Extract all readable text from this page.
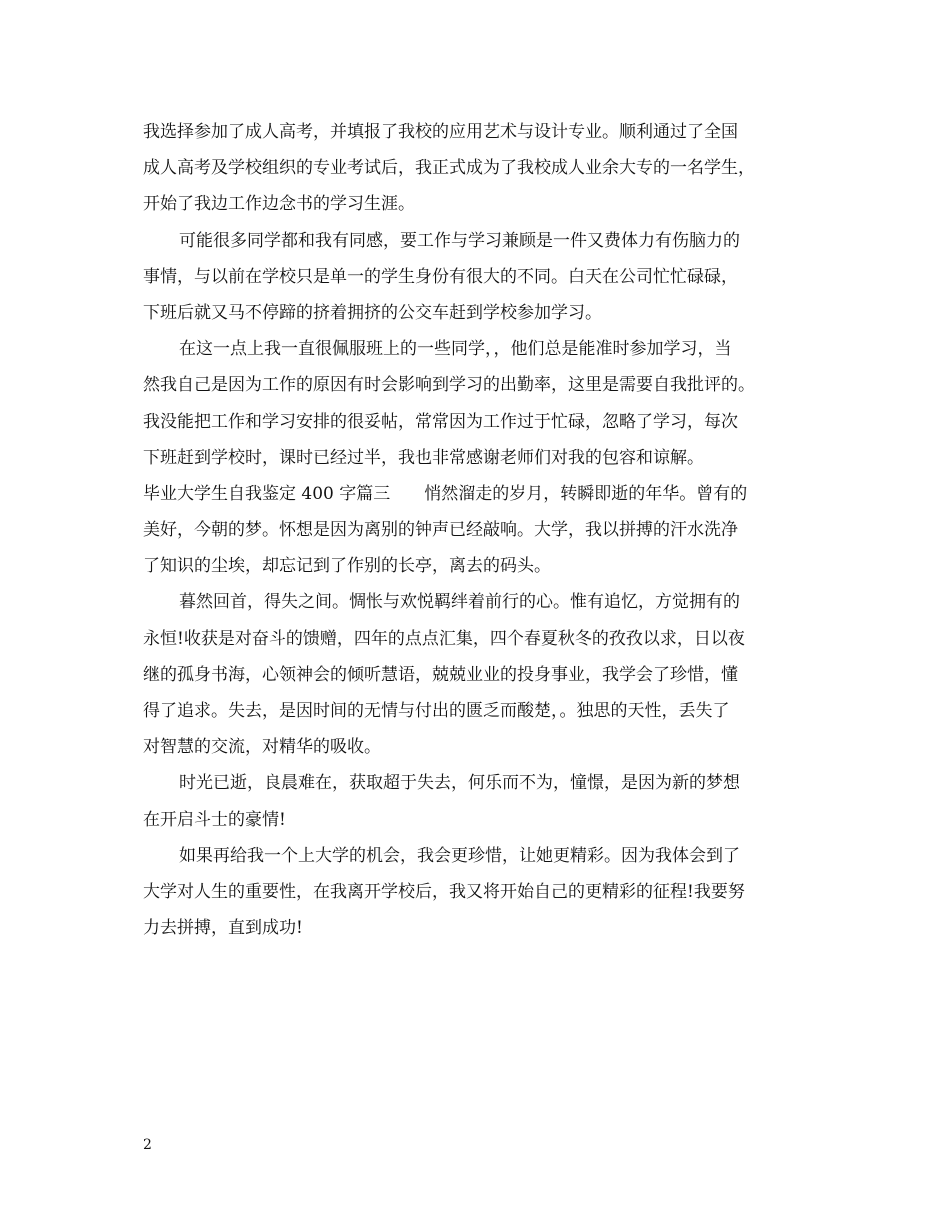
我选择参加了成人高考，并填报了我校的应用艺术与设计专业。顺利通过了全国
成人高考及学校组织的专业考试后，我正式成为了我校成人业余大专的一名学生，
开始了我边工作边念书的学习生涯。
可能很多同学都和我有同感，要工作与学习兼顾是一件又费体力有伤脑力的
事情，与以前在学校只是单一的学生身份有很大的不同。白天在公司忙忙碌碌，
下班后就又马不停蹄的挤着拥挤的公交车赶到学校参加学习。
在这一点上我一直很佩服班上的一些同学，，他们总是能准时参加学习，当
然我自己是因为工作的原因有时会影响到学习的出勤率，这里是需要自我批评的。
我没能把工作和学习安排的很妥帖，常常因为工作过于忙碌，忽略了学习，每次
下班赶到学校时，课时已经过半，我也非常感谢老师们对我的包容和谅解。
毕业大学生自我鉴定 400 字篇三　　悄然溜走的岁月，转瞬即逝的年华。曾有的
美好，今朝的梦。怀想是因为离别的钟声已经敲响。大学，我以拼搏的汗水洗净
了知识的尘埃，却忘记到了作别的长亭，离去的码头。
暮然回首，得失之间。惆怅与欢悦羁绊着前行的心。惟有追忆，方觉拥有的
永恒!收获是对奋斗的馈赠，四年的点点汇集，四个春夏秋冬的孜孜以求，日以夜
继的孤身书海，心领神会的倾听慧语，兢兢业业的投身事业，我学会了珍惜，懂
得了追求。失去，是因时间的无情与付出的匮乏而酸楚，。独思的天性，丢失了
对智慧的交流，对精华的吸收。
时光已逝，良晨难在，获取超于失去，何乐而不为，憧憬，是因为新的梦想
在开启斗士的豪情!
如果再给我一个上大学的机会，我会更珍惜，让她更精彩。因为我体会到了
大学对人生的重要性，在我离开学校后，我又将开始自己的更精彩的征程!我要努
力去拼搏，直到成功!
2
